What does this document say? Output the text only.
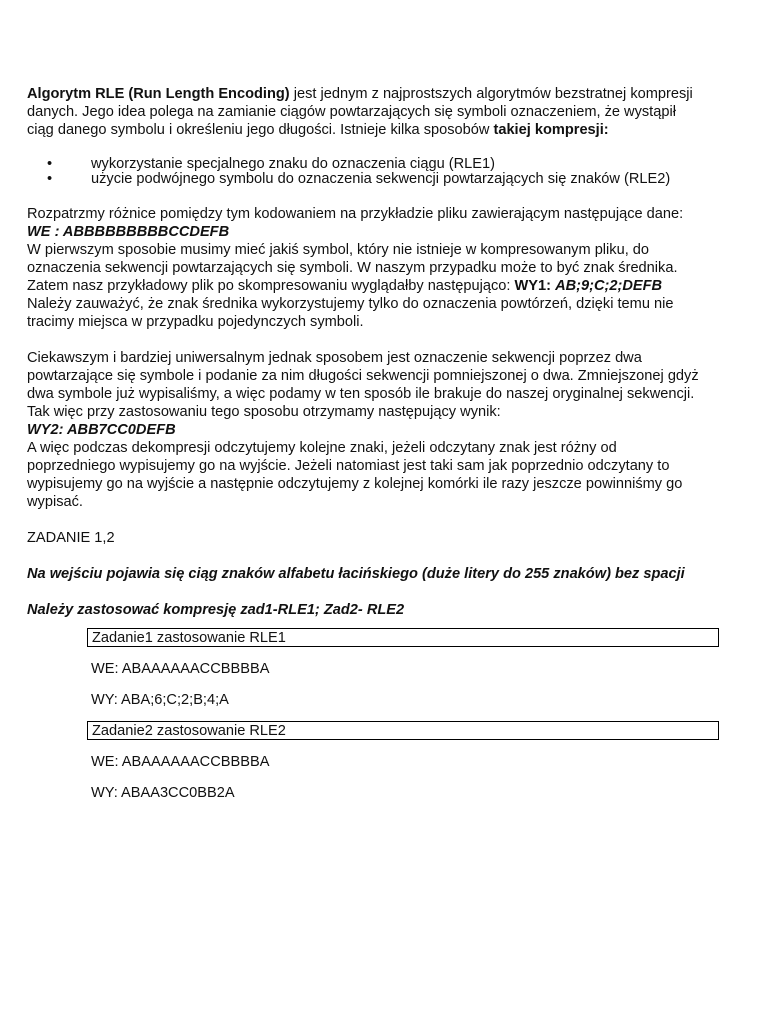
Algorytm RLE (Run Length Encoding) jest jednym z najprostszych algorytmów bezstratnej kompresji
danych. Jego idea polega na zamianie ciągów powtarzających się symboli oznaczeniem, że wystąpił
ciąg danego symbolu i określeniu jego długości. Istnieje kilka sposobów takiej kompresji:

•	wykorzystanie specjalnego znaku do oznaczenia ciągu (RLE1)
•	użycie podwójnego symbolu do oznaczenia sekwencji powtarzających się znaków (RLE2)

Rozpatrzmy różnice pomiędzy tym kodowaniem na przykładzie pliku zawierającym następujące dane:
WE : ABBBBBBBBBCCDEFB
W pierwszym sposobie musimy mieć jakiś symbol, który nie istnieje w kompresowanym pliku, do
oznaczenia sekwencji powtarzających się symboli. W naszym przypadku może to być znak średnika.
Zatem nasz przykładowy plik po skompresowaniu wyglądałby następująco: WY1: AB;9;C;2;DEFB
Należy zauważyć, że znak średnika wykorzystujemy tylko do oznaczenia powtórzeń, dzięki temu nie
tracimy miejsca w przypadku pojedynczych symboli.

Ciekawszym i bardziej uniwersalnym jednak sposobem jest oznaczenie sekwencji poprzez dwa
powtarzające się symbole i podanie za nim długości sekwencji pomniejszonej o dwa. Zmniejszonej gdyż
dwa symbole już wypisaliśmy, a więc podamy w ten sposób ile brakuje do naszej oryginalnej sekwencji.
Tak więc przy zastosowaniu tego sposobu otrzymamy następujący wynik:
WY2: ABB7CC0DEFB
A więc podczas dekompresji odczytujemy kolejne znaki, jeżeli odczytany znak jest różny od
poprzedniego wypisujemy go na wyjście. Jeżeli natomiast jest taki sam jak poprzednio odczytany to
wypisujemy go na wyjście a następnie odczytujemy z kolejnej komórki ile razy jeszcze powinniśmy go
wypisać.

ZADANIE 1,2

Na wejściu pojawia się ciąg znaków alfabetu łacińskiego (duże litery do 255 znaków) bez spacji

Należy zastosować kompresję zad1-RLE1; Zad2- RLE2

Zadanie1 zastosowanie RLE1

WE: ABAAAAAACCBBBBA

WY: ABA;6;C;2;B;4;A

Zadanie2 zastosowanie RLE2

WE: ABAAAAAACCBBBBA

WY: ABAA3CC0BB2A
